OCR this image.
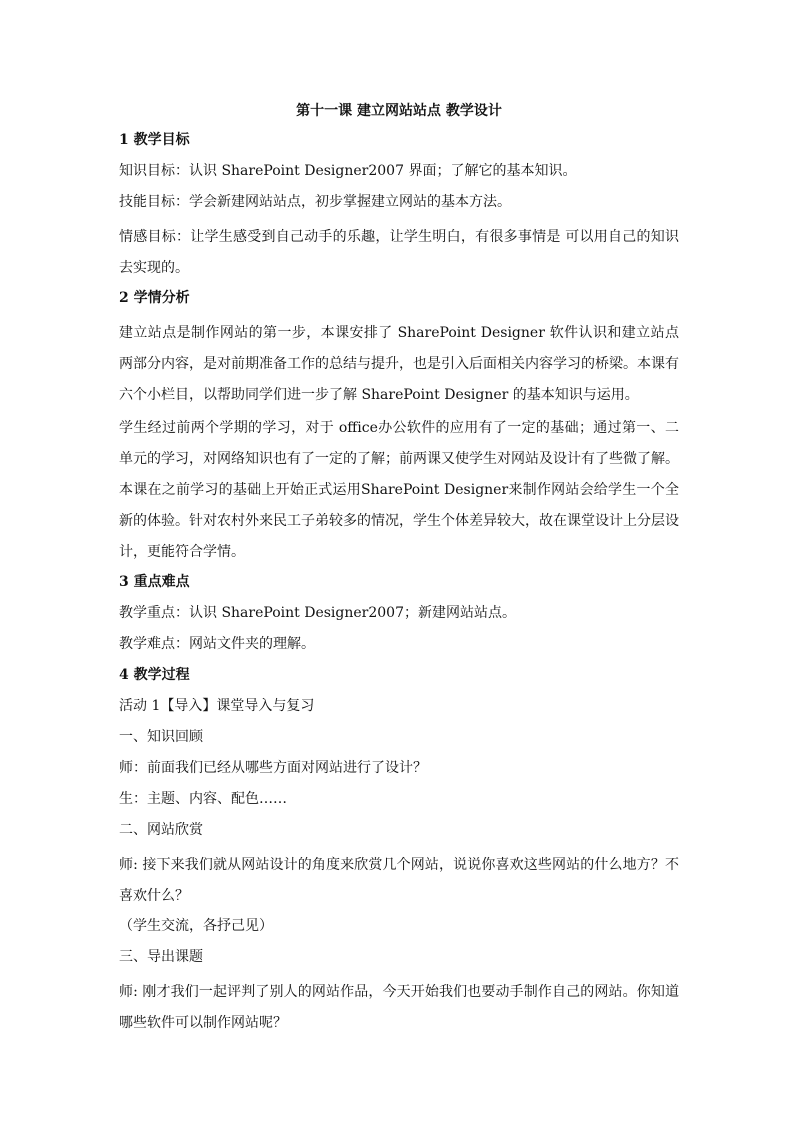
第十一课 建立网站站点 教学设计
1 教学目标
知识目标：认识 SharePoint Designer2007 界面；了解它的基本知识。
技能目标：学会新建网站站点，初步掌握建立网站的基本方法。
情感目标：让学生感受到自己动手的乐趣，让学生明白，有很多事情是 可以用自己的知识去实现的。
2 学情分析
建立站点是制作网站的第一步，本课安排了 SharePoint Designer 软件认识和建立站点两部分内容，是对前期准备工作的总结与提升，也是引入后面相关内容学习的桥梁。本课有六个小栏目，以帮助同学们进一步了解 SharePoint Designer 的基本知识与运用。
学生经过前两个学期的学习，对于 office办公软件的应用有了一定的基础；通过第一、二单元的学习，对网络知识也有了一定的了解；前两课又使学生对网站及设计有了些微了解。本课在之前学习的基础上开始正式运用SharePoint Designer来制作网站会给学生一个全新的体验。针对农村外来民工子弟较多的情况，学生个体差异较大，故在课堂设计上分层设计，更能符合学情。
3 重点难点
教学重点：认识 SharePoint Designer2007；新建网站站点。
教学难点：网站文件夹的理解。
4 教学过程
活动 1【导入】课堂导入与复习
一、知识回顾
师：前面我们已经从哪些方面对网站进行了设计？
生：主题、内容、配色……
二、网站欣赏
师: 接下来我们就从网站设计的角度来欣赏几个网站，说说你喜欢这些网站的什么地方？不喜欢什么？
（学生交流，各抒己见）
三、导出课题
师: 刚才我们一起评判了别人的网站作品，今天开始我们也要动手制作自己的网站。你知道哪些软件可以制作网站呢？
